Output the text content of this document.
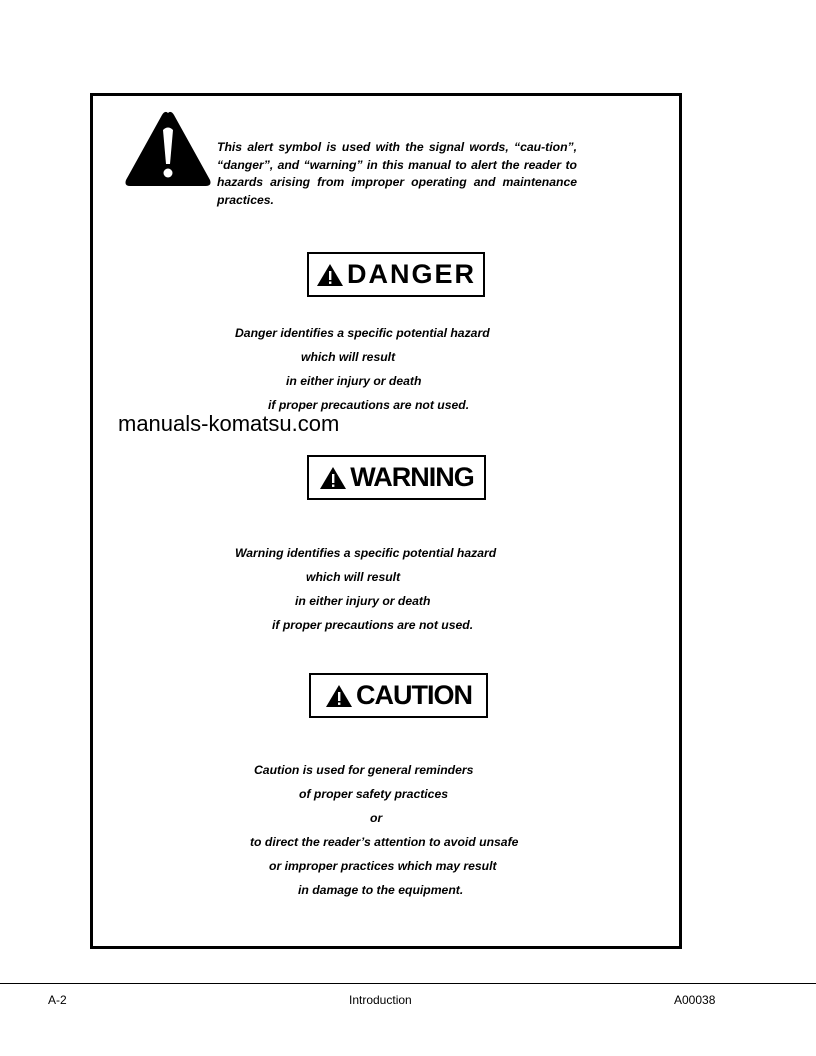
This alert symbol is used with the signal words, “cau-tion”, “danger”, and “warning” in this manual to alert the reader to hazards arising from improper operating and maintenance practices.
DANGER
Danger identifies a specific potential hazard
which will result
in either injury or death
if proper precautions are not used.
manuals-komatsu.com
WARNING
Warning identifies a specific potential hazard
which will result
in either injury or death
if proper precautions are not used.
CAUTION
Caution is used for general reminders
of proper safety practices
or
to direct the reader’s attention to avoid unsafe
or improper practices which may result
in damage to the equipment.
A-2	Introduction	A00038
